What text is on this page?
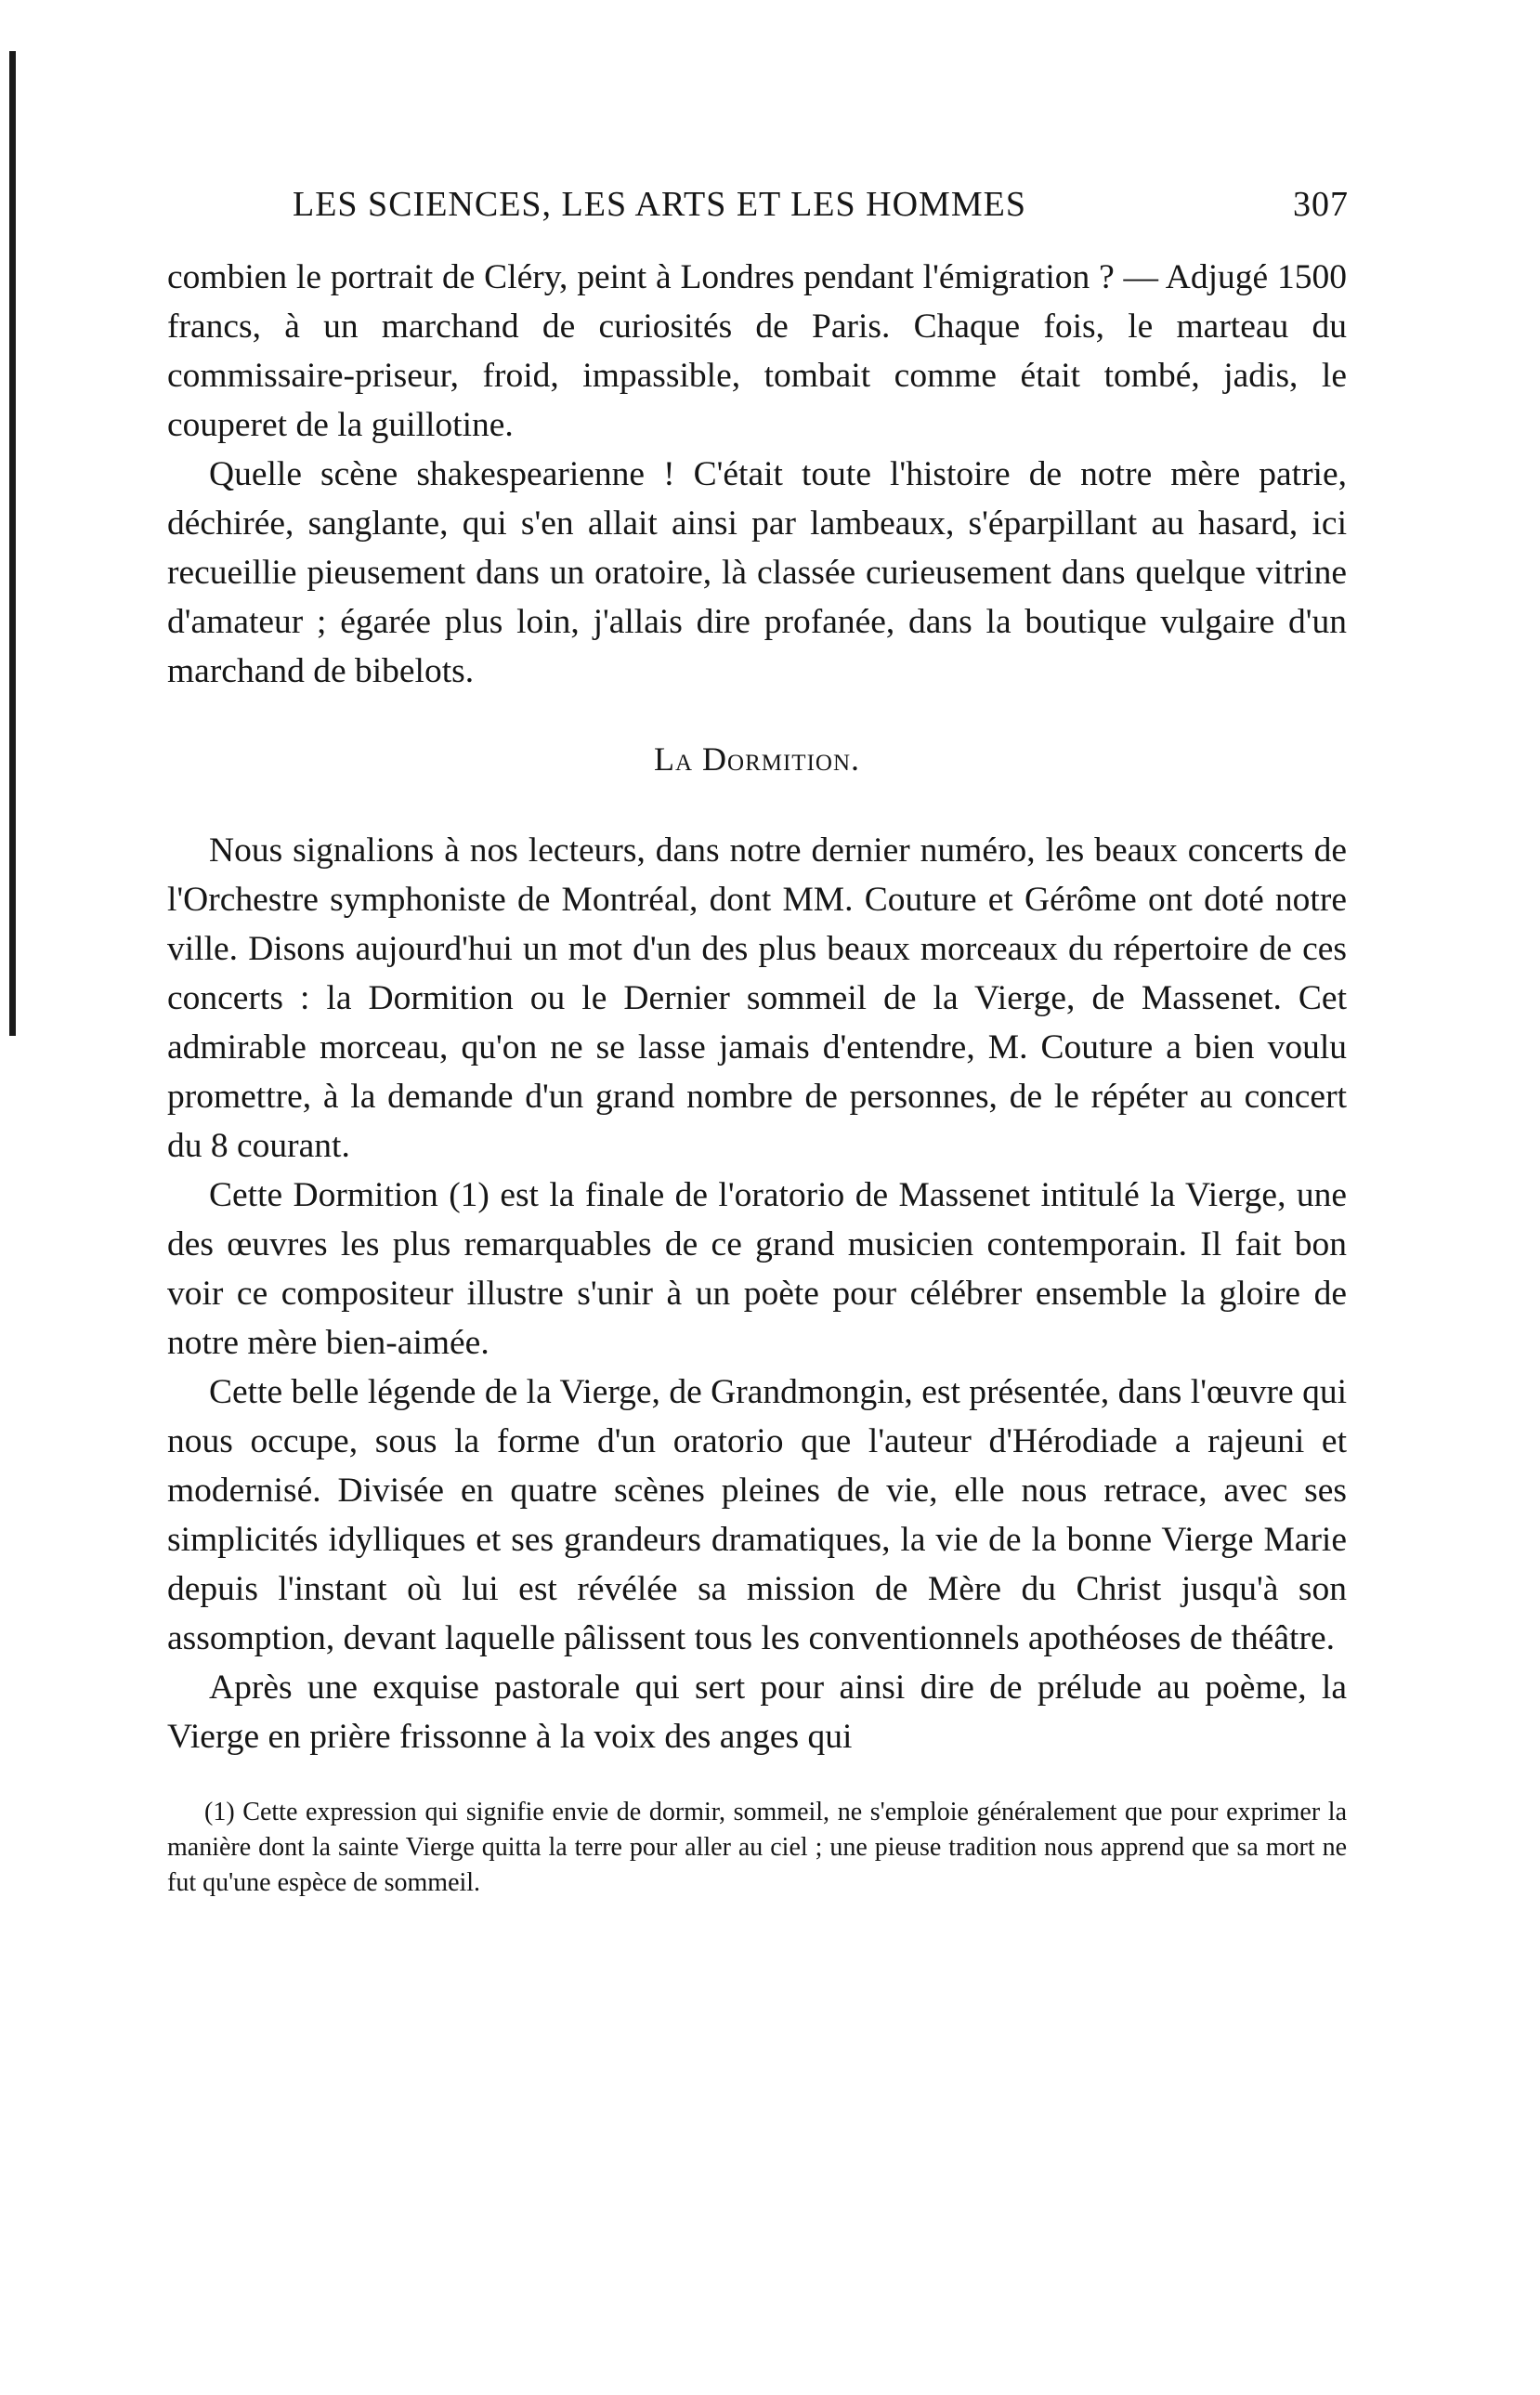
LES SCIENCES, LES ARTS ET LES HOMMES	307

combien le portrait de Cléry, peint à Londres pendant l'émigration ? — Adjugé 1500 francs, à un marchand de curiosités de Paris. Chaque fois, le marteau du commissaire-priseur, froid, impassible, tombait comme était tombé, jadis, le couperet de la guillotine.

Quelle scène shakespearienne ! C'était toute l'histoire de notre mère patrie, déchirée, sanglante, qui s'en allait ainsi par lambeaux, s'éparpillant au hasard, ici recueillie pieusement dans un oratoire, là classée curieusement dans quelque vitrine d'amateur ; égarée plus loin, j'allais dire profanée, dans la boutique vulgaire d'un marchand de bibelots.

La Dormition.

Nous signalions à nos lecteurs, dans notre dernier numéro, les beaux concerts de l'Orchestre symphoniste de Montréal, dont MM. Couture et Gérôme ont doté notre ville. Disons aujourd'hui un mot d'un des plus beaux morceaux du répertoire de ces concerts : la Dormition ou le Dernier sommeil de la Vierge, de Massenet. Cet admirable morceau, qu'on ne se lasse jamais d'entendre, M. Couture a bien voulu promettre, à la demande d'un grand nombre de personnes, de le répéter au concert du 8 courant.

Cette Dormition (1) est la finale de l'oratorio de Massenet intitulé la Vierge, une des œuvres les plus remarquables de ce grand musicien contemporain. Il fait bon voir ce compositeur illustre s'unir à un poète pour célébrer ensemble la gloire de notre mère bien-aimée.

Cette belle légende de la Vierge, de Grandmongin, est présentée, dans l'œuvre qui nous occupe, sous la forme d'un oratorio que l'auteur d'Hérodiade a rajeuni et modernisé. Divisée en quatre scènes pleines de vie, elle nous retrace, avec ses simplicités idylliques et ses grandeurs dramatiques, la vie de la bonne Vierge Marie depuis l'instant où lui est révélée sa mission de Mère du Christ jusqu'à son assomption, devant laquelle pâlissent tous les conventionnels apothéoses de théâtre.

Après une exquise pastorale qui sert pour ainsi dire de prélude au poème, la Vierge en prière frissonne à la voix des anges qui

(1) Cette expression qui signifie envie de dormir, sommeil, ne s'emploie généralement que pour exprimer la manière dont la sainte Vierge quitta la terre pour aller au ciel ; une pieuse tradition nous apprend que sa mort ne fut qu'une espèce de sommeil.
